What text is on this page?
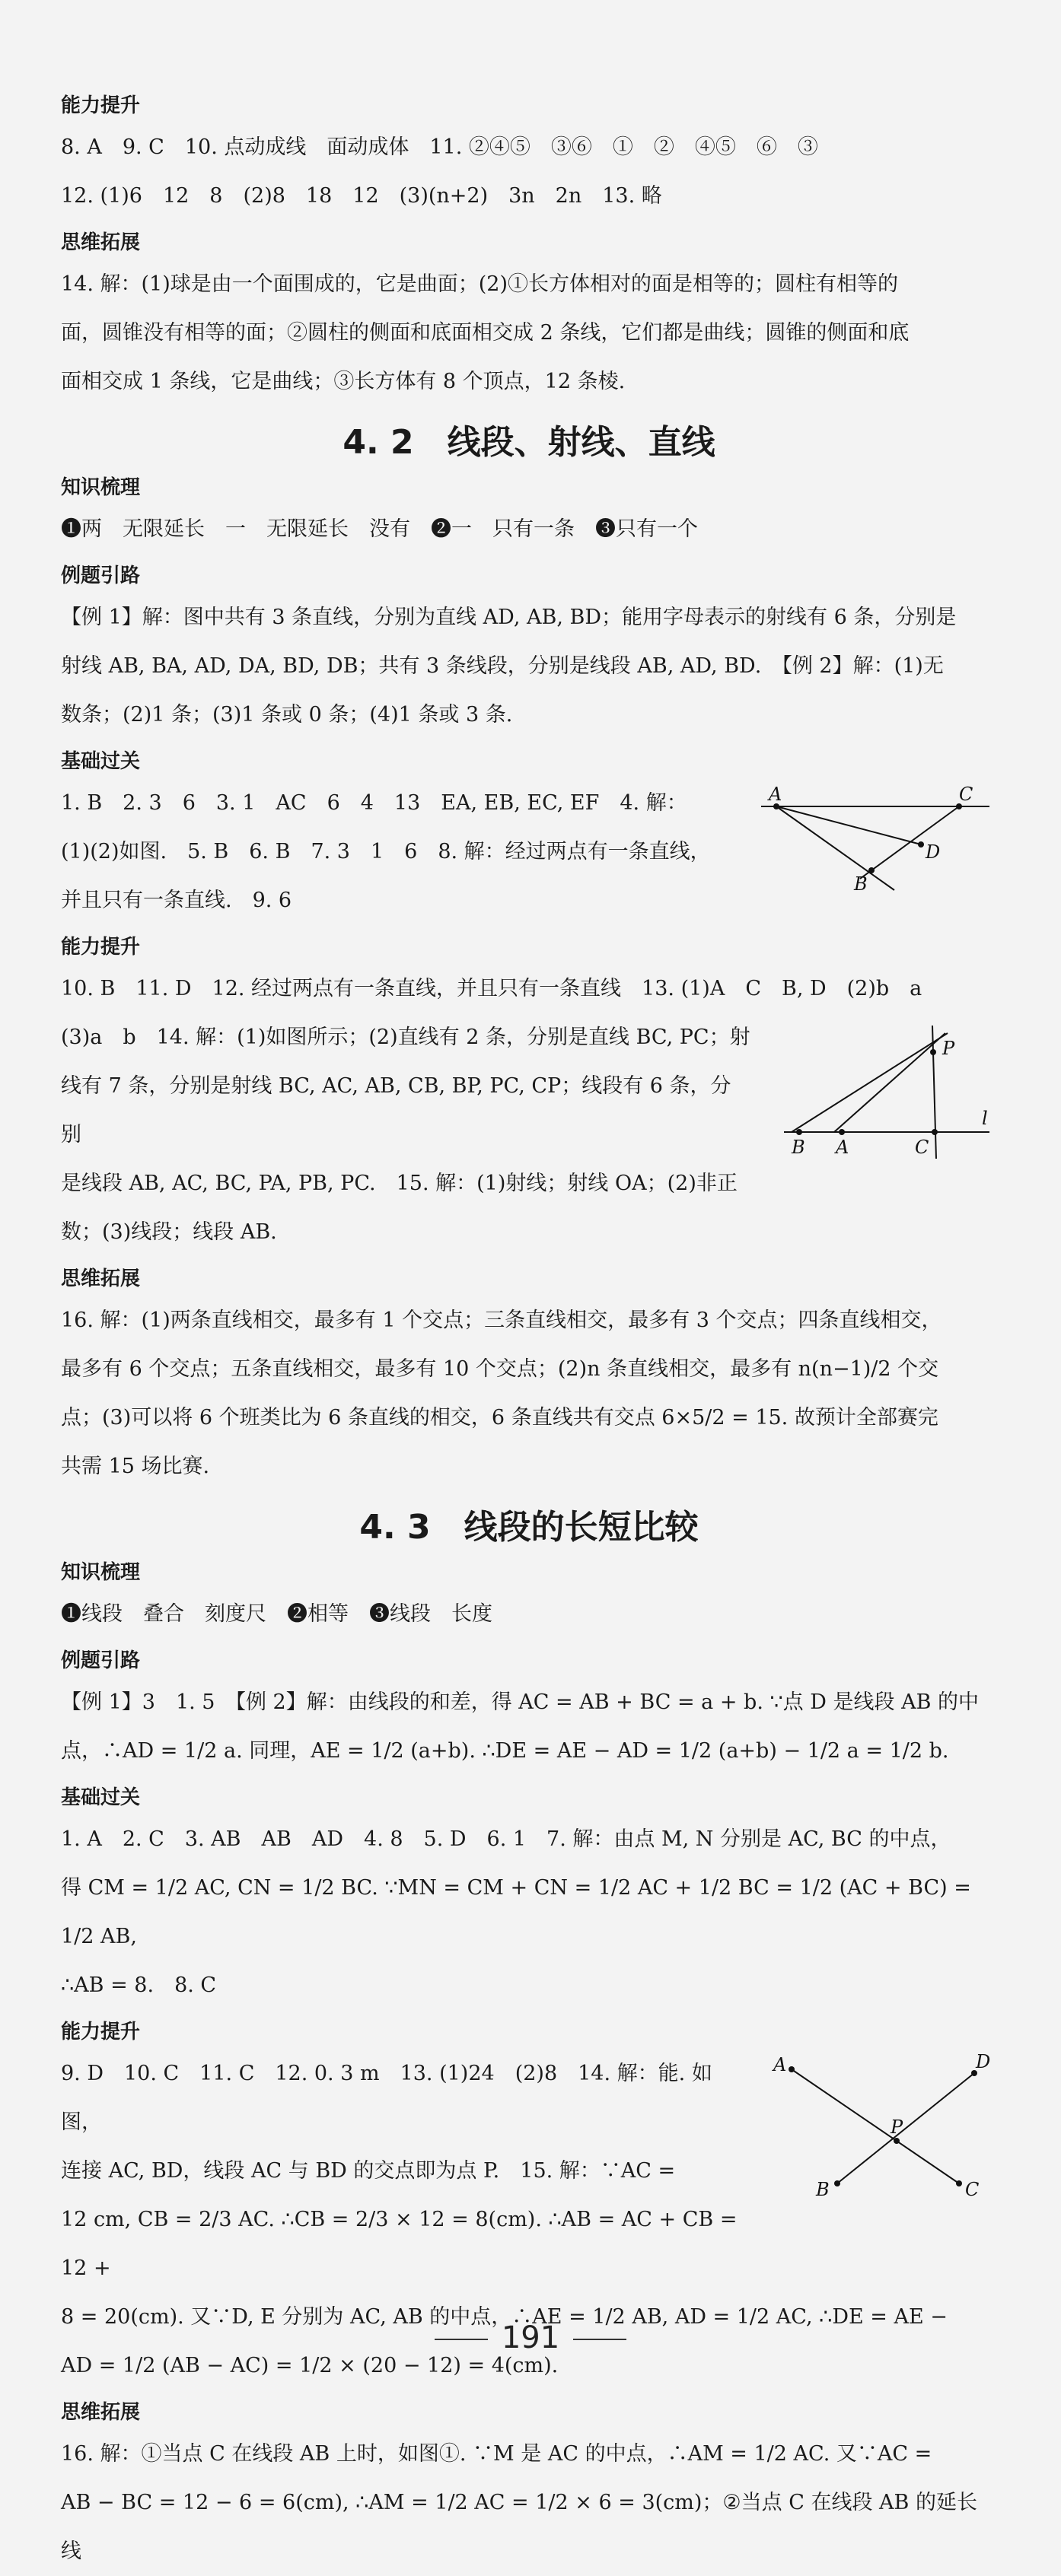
能力提升

8. A　9. C　10. 点动成线　面动成体　11. ②④⑤　③⑥　①　②　④⑤　⑥　③

12. (1)6　12　8　(2)8　18　12　(3)(n+2)　3n　2n　13. 略

思维拓展

14. 解：(1)球是由一个面围成的，它是曲面；(2)①长方体相对的面是相等的；圆柱有相等的

面，圆锥没有相等的面；②圆柱的侧面和底面相交成 2 条线，它们都是曲线；圆锥的侧面和底

面相交成 1 条线，它是曲线；③长方体有 8 个顶点，12 条棱.

4. 2　线段、射线、直线
知识梳理

❶两　无限延长　一　无限延长　没有　❷一　只有一条　❸只有一个

例题引路

【例 1】解：图中共有 3 条直线，分别为直线 AD, AB, BD；能用字母表示的射线有 6 条，分别是

射线 AB, BA, AD, DA, BD, DB；共有 3 条线段，分别是线段 AB, AD, BD.　【例 2】解：(1)无

数条；(2)1 条；(3)1 条或 0 条；(4)1 条或 3 条.

基础过关
A	C
D
B

1. B　2. 3　6　3. 1　AC　6　4　13　EA, EB, EC, EF　4. 解：

(1)(2)如图.　5. B　6. B　7. 3　1　6　8. 解：经过两点有一条直线，

并且只有一条直线.　9. 6

能力提升

10. B　11. D　12. 经过两点有一条直线，并且只有一条直线　13. (1)A　C　B, D　(2)b　a

P
B A	C
l

(3)a　b　14. 解：(1)如图所示；(2)直线有 2 条，分别是直线 BC, PC；射

线有 7 条，分别是射线 BC, AC, AB, CB, BP, PC, CP；线段有 6 条，分别

是线段 AB, AC, BC, PA, PB, PC.　15. 解：(1)射线；射线 OA；(2)非正

数；(3)线段；线段 AB.

思维拓展

16. 解：(1)两条直线相交，最多有 1 个交点；三条直线相交，最多有 3 个交点；四条直线相交，

最多有 6 个交点；五条直线相交，最多有 10 个交点；(2)n 条直线相交，最多有 n(n−1)/2 个交

点；(3)可以将 6 个班类比为 6 条直线的相交，6 条直线共有交点 6×5/2 = 15. 故预计全部赛完

共需 15 场比赛.

4. 3　线段的长短比较
知识梳理

❶线段　叠合　刻度尺　❷相等　❸线段　长度

例题引路

【例 1】3　1. 5　【例 2】解：由线段的和差，得 AC = AB + BC = a + b. ∵点 D 是线段 AB 的中

点，∴AD = 1/2 a. 同理，AE = 1/2 (a+b). ∴DE = AE − AD = 1/2 (a+b) − 1/2 a = 1/2 b.

基础过关

1. A　2. C　3. AB　AB　AD　4. 8　5. D　6. 1　7. 解：由点 M, N 分别是 AC, BC 的中点，

得 CM = 1/2 AC, CN = 1/2 BC. ∵MN = CM + CN = 1/2 AC + 1/2 BC = 1/2 (AC + BC) = 1/2 AB,

∴AB = 8.　8. C

能力提升
A	D
P
B	C

9. D　10. C　11. C　12. 0. 3 m　13. (1)24　(2)8　14. 解：能. 如图，

连接 AC, BD，线段 AC 与 BD 的交点即为点 P.　15. 解：∵AC =

12 cm, CB = 2/3 AC. ∴CB = 2/3 × 12 = 8(cm). ∴AB = AC + CB = 12 +

8 = 20(cm). 又∵D, E 分别为 AC, AB 的中点，∴AE = 1/2 AB, AD = 1/2 AC, ∴DE = AE −

AD = 1/2 (AB − AC) = 1/2 × (20 − 12) = 4(cm).

思维拓展

16. 解：①当点 C 在线段 AB 上时，如图①. ∵M 是 AC 的中点，∴AM = 1/2 AC. 又∵AC =

AB − BC = 12 − 6 = 6(cm), ∴AM = 1/2 AC = 1/2 × 6 = 3(cm)；②当点 C 在线段 AB 的延长线

191
